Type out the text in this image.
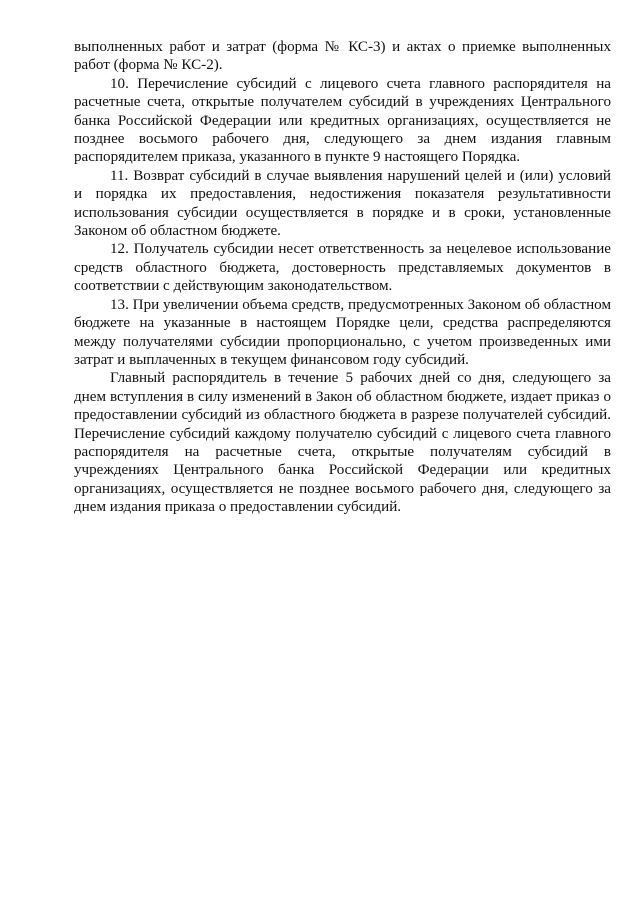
выполненных работ и затрат (форма № КС-3) и актах о приемке выполненных работ (форма № КС-2).

10. Перечисление субсидий с лицевого счета главного распорядителя на расчетные счета, открытые получателем субсидий в учреждениях Центрального банка Российской Федерации или кредитных организациях, осуществляется не позднее восьмого рабочего дня, следующего за днем издания главным распорядителем приказа, указанного в пункте 9 настоящего Порядка.

11. Возврат субсидий в случае выявления нарушений целей и (или) условий и порядка их предоставления, недостижения показателя результативности использования субсидии осуществляется в порядке и в сроки, установленные Законом об областном бюджете.

12. Получатель субсидии несет ответственность за нецелевое использование средств областного бюджета, достоверность представляемых документов в соответствии с действующим законодательством.

13. При увеличении объема средств, предусмотренных Законом об областном бюджете на указанные в настоящем Порядке цели, средства распределяются между получателями субсидии пропорционально, с учетом произведенных ими затрат и выплаченных в текущем финансовом году субсидий.

Главный распорядитель в течение 5 рабочих дней со дня, следующего за днем вступления в силу изменений в Закон об областном бюджете, издает приказ о предоставлении субсидий из областного бюджета в разрезе получателей субсидий. Перечисление субсидий каждому получателю субсидий с лицевого счета главного распорядителя на расчетные счета, открытые получателям субсидий в учреждениях Центрального банка Российской Федерации или кредитных организациях, осуществляется не позднее восьмого рабочего дня, следующего за днем издания приказа о предоставлении субсидий.
